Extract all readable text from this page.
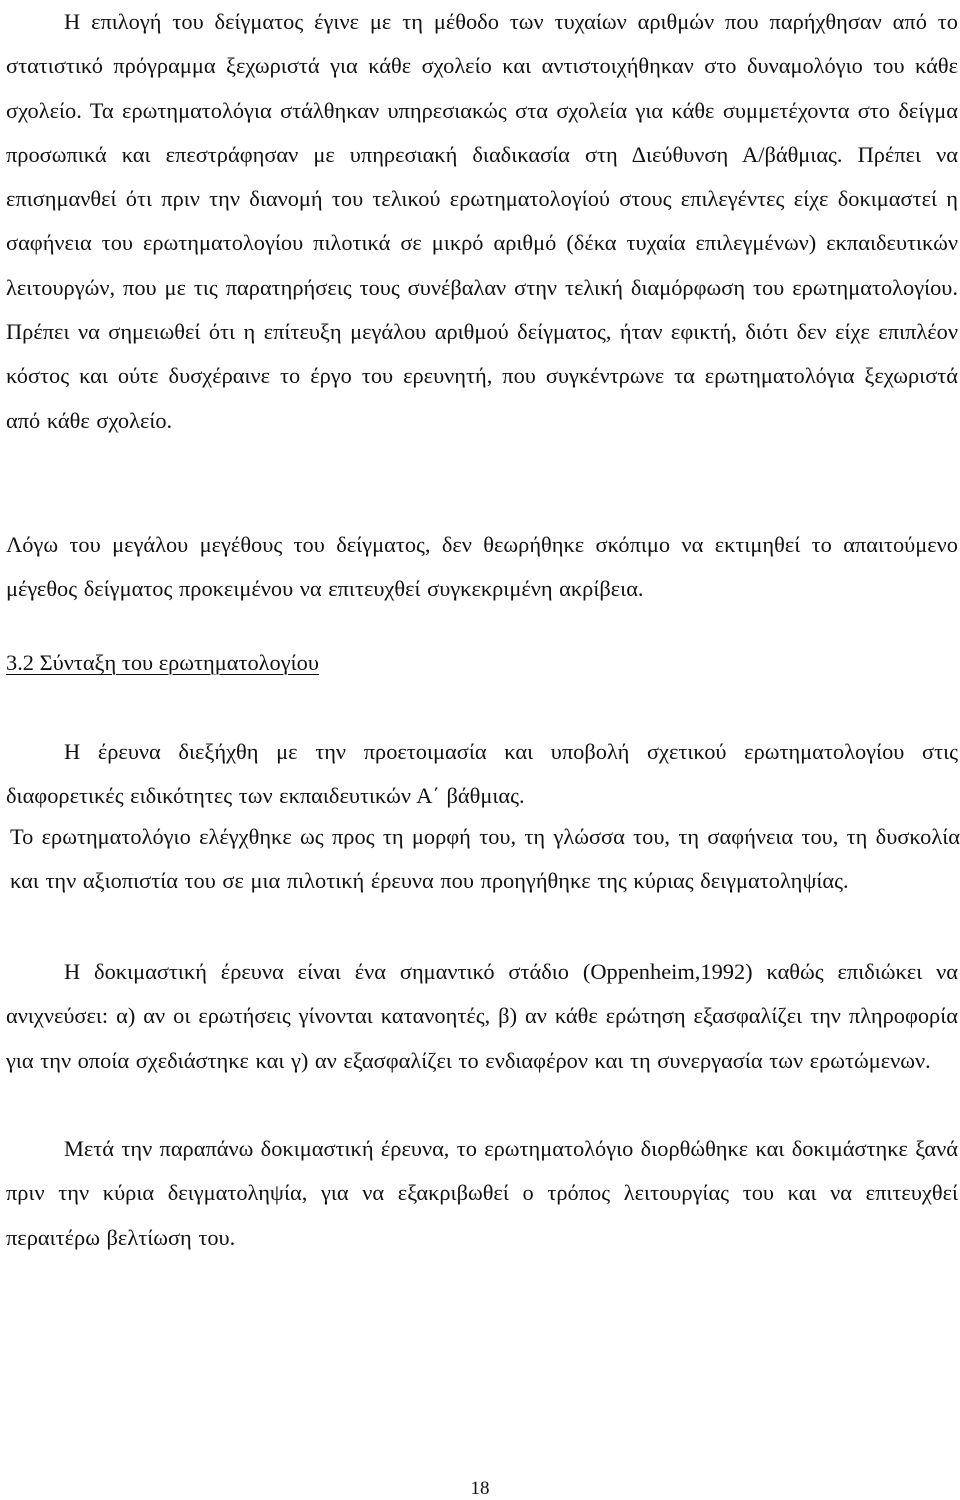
Η επιλογή του δείγματος έγινε με τη μέθοδο των τυχαίων αριθμών που παρήχθησαν από το στατιστικό πρόγραμμα ξεχωριστά για κάθε σχολείο και αντιστοιχήθηκαν στο δυναμολόγιο του κάθε σχολείο. Τα ερωτηματολόγια στάλθηκαν υπηρεσιακώς στα σχολεία για κάθε συμμετέχοντα στο δείγμα προσωπικά και επεστράφησαν με υπηρεσιακή διαδικασία στη Διεύθυνση Α/βάθμιας. Πρέπει να επισημανθεί ότι πριν την διανομή του τελικού ερωτηματολογίού στους επιλεγέντες είχε δοκιμαστεί η σαφήνεια του ερωτηματολογίου πιλοτικά σε μικρό αριθμό (δέκα τυχαία επιλεγμένων) εκπαιδευτικών λειτουργών, που με τις παρατηρήσεις τους συνέβαλαν στην τελική διαμόρφωση του ερωτηματολογίου. Πρέπει να σημειωθεί ότι η επίτευξη μεγάλου αριθμού δείγματος, ήταν εφικτή, διότι δεν είχε επιπλέον κόστος και ούτε δυσχέραινε το έργο του ερευνητή, που συγκέντρωνε τα ερωτηματολόγια ξεχωριστά από κάθε σχολείο.

Λόγω του μεγάλου μεγέθους του δείγματος, δεν θεωρήθηκε σκόπιμο να εκτιμηθεί το απαιτούμενο μέγεθος δείγματος προκειμένου να επιτευχθεί συγκεκριμένη ακρίβεια.

3.2 Σύνταξη του ερωτηματολογίου

Η έρευνα διεξήχθη με την προετοιμασία και υποβολή σχετικού ερωτηματολογίου στις διαφορετικές ειδικότητες των εκπαιδευτικών Α΄ βάθμιας.

Το ερωτηματολόγιο ελέγχθηκε ως προς τη μορφή του, τη γλώσσα του, τη σαφήνεια του, τη δυσκολία και την αξιοπιστία του σε μια πιλοτική έρευνα που προηγήθηκε της κύριας δειγματοληψίας.

Η δοκιμαστική έρευνα είναι ένα σημαντικό στάδιο (Oppenheim,1992) καθώς επιδιώκει να ανιχνεύσει: α) αν οι ερωτήσεις γίνονται κατανοητές, β) αν κάθε ερώτηση εξασφαλίζει την πληροφορία για την οποία σχεδιάστηκε και γ) αν εξασφαλίζει το ενδιαφέρον και τη συνεργασία των ερωτώμενων.

Μετά την παραπάνω δοκιμαστική έρευνα, το ερωτηματολόγιο διορθώθηκε και δοκιμάστηκε ξανά πριν την κύρια δειγματοληψία, για να εξακριβωθεί ο τρόπος λειτουργίας του και να επιτευχθεί περαιτέρω βελτίωση του.

18
